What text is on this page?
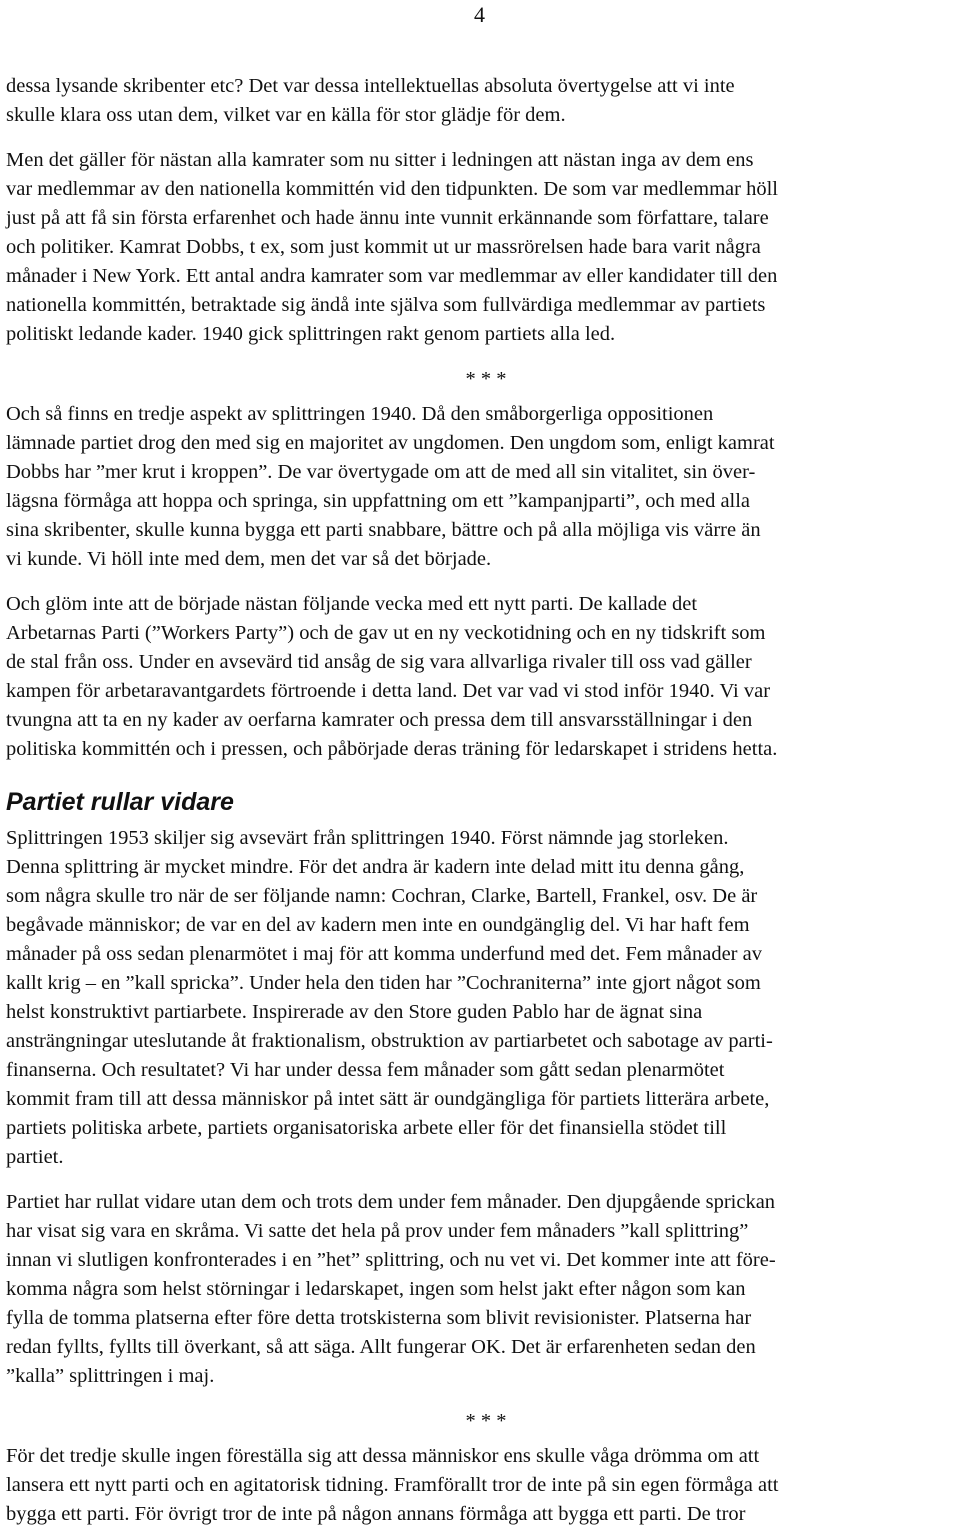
4

dessa lysande skribenter etc? Det var dessa intellektuellas absoluta övertygelse att vi inte
skulle klara oss utan dem, vilket var en källa för stor glädje för dem.

Men det gäller för nästan alla kamrater som nu sitter i ledningen att nästan inga av dem ens
var medlemmar av den nationella kommittén vid den tidpunkten. De som var medlemmar höll
just på att få sin första erfarenhet och hade ännu inte vunnit erkännande som författare, talare
och politiker. Kamrat Dobbs, t ex, som just kommit ut ur massrörelsen hade bara varit några
månader i New York. Ett antal andra kamrater som var medlemmar av eller kandidater till den
nationella kommittén, betraktade sig ändå inte själva som fullvärdiga medlemmar av partiets
politiskt ledande kader. 1940 gick splittringen rakt genom partiets alla led.

* * *

Och så finns en tredje aspekt av splittringen 1940. Då den småborgerliga oppositionen
lämnade partiet drog den med sig en majoritet av ungdomen. Den ungdom som, enligt kamrat
Dobbs har ”mer krut i kroppen”. De var övertygade om att de med all sin vitalitet, sin över-
lägsna förmåga att hoppa och springa, sin uppfattning om ett ”kampanjparti”, och med alla
sina skribenter, skulle kunna bygga ett parti snabbare, bättre och på alla möjliga vis värre än
vi kunde. Vi höll inte med dem, men det var så det började.

Och glöm inte att de började nästan följande vecka med ett nytt parti. De kallade det
Arbetarnas Parti (”Workers Party”) och de gav ut en ny veckotidning och en ny tidskrift som
de stal från oss. Under en avsevärd tid ansåg de sig vara allvarliga rivaler till oss vad gäller
kampen för arbetaravantgardets förtroende i detta land. Det var vad vi stod inför 1940. Vi var
tvungna att ta en ny kader av oerfarna kamrater och pressa dem till ansvarsställningar i den
politiska kommittén och i pressen, och påbörjade deras träning för ledarskapet i stridens hetta.

Partiet rullar vidare

Splittringen 1953 skiljer sig avsevärt från splittringen 1940. Först nämnde jag storleken.
Denna splittring är mycket mindre. För det andra är kadern inte delad mitt itu denna gång,
som några skulle tro när de ser följande namn: Cochran, Clarke, Bartell, Frankel, osv. De är
begåvade människor; de var en del av kadern men inte en oundgänglig del. Vi har haft fem
månader på oss sedan plenarmötet i maj för att komma underfund med det. Fem månader av
kallt krig – en ”kall spricka”. Under hela den tiden har ”Cochraniterna” inte gjort något som
helst konstruktivt partiarbete. Inspirerade av den Store guden Pablo har de ägnat sina
ansträngningar uteslutande åt fraktionalism, obstruktion av partiarbetet och sabotage av parti-
finanserna. Och resultatet? Vi har under dessa fem månader som gått sedan plenarmötet
kommit fram till att dessa människor på intet sätt är oundgängliga för partiets litterära arbete,
partiets politiska arbete, partiets organisatoriska arbete eller för det finansiella stödet till
partiet.

Partiet har rullat vidare utan dem och trots dem under fem månader. Den djupgående sprickan
har visat sig vara en skråma. Vi satte det hela på prov under fem månaders ”kall splittring”
innan vi slutligen konfronterades i en ”het” splittring, och nu vet vi. Det kommer inte att före-
komma några som helst störningar i ledarskapet, ingen som helst jakt efter någon som kan
fylla de tomma platserna efter före detta trotskisterna som blivit revisionister. Platserna har
redan fyllts, fyllts till överkant, så att säga. Allt fungerar OK. Det är erfarenheten sedan den
”kalla” splittringen i maj.

* * *

För det tredje skulle ingen föreställa sig att dessa människor ens skulle våga drömma om att
lansera ett nytt parti och en agitatorisk tidning. Framförallt tror de inte på sin egen förmåga att
bygga ett parti. För övrigt tror de inte på någon annans förmåga att bygga ett parti. De tror
